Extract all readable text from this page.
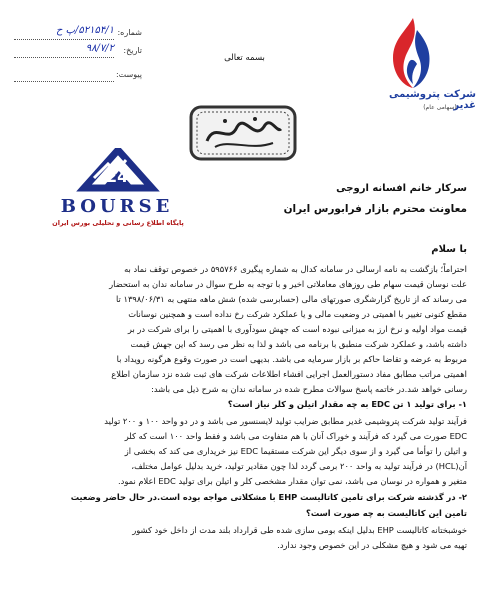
شماره:
۵۲۱۵۴/۱/پ ح
تاریخ:
۹۸/۷/۲
پیوست:
بسمه تعالی
شرکت پتروشیمی غدیر
(سهامی عام)
24
BOURSE
پایگاه اطلاع رسانی و تحلیلی بورس ایران
سرکار خانم افسانه اروجی
معاونت محترم بازار فرابورس ایران
با سلام
احتراماً؛ بازگشت به نامه ارسالی در سامانه کدال به شماره پیگیری ۵۹۵۷۶۶ در خصوص توقف نماد به
علت نوسان قیمت سهام طی روزهای معاملاتی اخیر و با توجه به طرح سوال در سامانه ندان به استحضار
می رساند که از تاریخ گزارشگری صورتهای مالی (حسابرسی شده) شش ماهه منتهی به ۱۳۹۸/۰۶/۳۱ تا
مقطع کنونی تغییر با اهمیتی در وضعیت مالی و یا عملکرد شرکت رخ نداده است و همچنین نوسانات
قیمت مواد اولیه و نرخ ارز به میزانی نبوده است که جهش سودآوری با اهمیتی را برای شرکت در بر
داشته باشد، و عملکرد شرکت منطبق با برنامه می باشد و لذا به نظر می رسد که این جهش قیمت
مربوط به عرضه و تقاضا حاکم بر بازار سرمایه می باشد. بدیهی است در صورت وقوع هرگونه رویداد با
اهمیتی مراتب مطابق مفاد دستورالعمل اجرایی افشاء اطلاعات شرکت های ثبت شده نزد سازمان اطلاع
رسانی خواهد شد.در خاتمه پاسخ سوالات مطرح شده در سامانه ندان به شرح ذیل می باشد:
۱- برای تولید ۱ تن EDC به چه مقدار اتیلن و کلر نیاز است؟
فرآیند تولید شرکت پتروشیمی غدیر مطابق ضرایب تولید لایسنسور می باشد و در دو واحد ۱۰۰ و ۲۰۰ تولید
EDC صورت می گیرد که فرآیند و خوراک آنان با هم متفاوت می باشد و فقط واحد ۱۰۰ است که کلر
و اتیلن را توأما می گیرد و از سوی دیگر این شرکت مستقیما EDC نیز خریداری می کند که بخشی از
آن(HCL) در فرآیند تولید به واحد ۲۰۰ برمی گردد لذا چون مقادیر تولید، خرید بدلیل عوامل مختلف،
متغیر و همواره در نوسان می باشد، نمی توان مقدار مشخصی کلر و اتیلن برای تولید EDC اعلام نمود.
۲- در گذشته شرکت برای تامین کاتالیست EHP با مشکلاتی مواجه بوده است.در حال حاضر وضعیت
تامین این کاتالیست به چه صورت است؟
خوشبختانه کاتالیست EHP بدلیل اینکه بومی سازی شده طی قرارداد بلند مدت از داخل خود کشور
تهیه می شود و هیچ مشکلی در این خصوص وجود ندارد.
